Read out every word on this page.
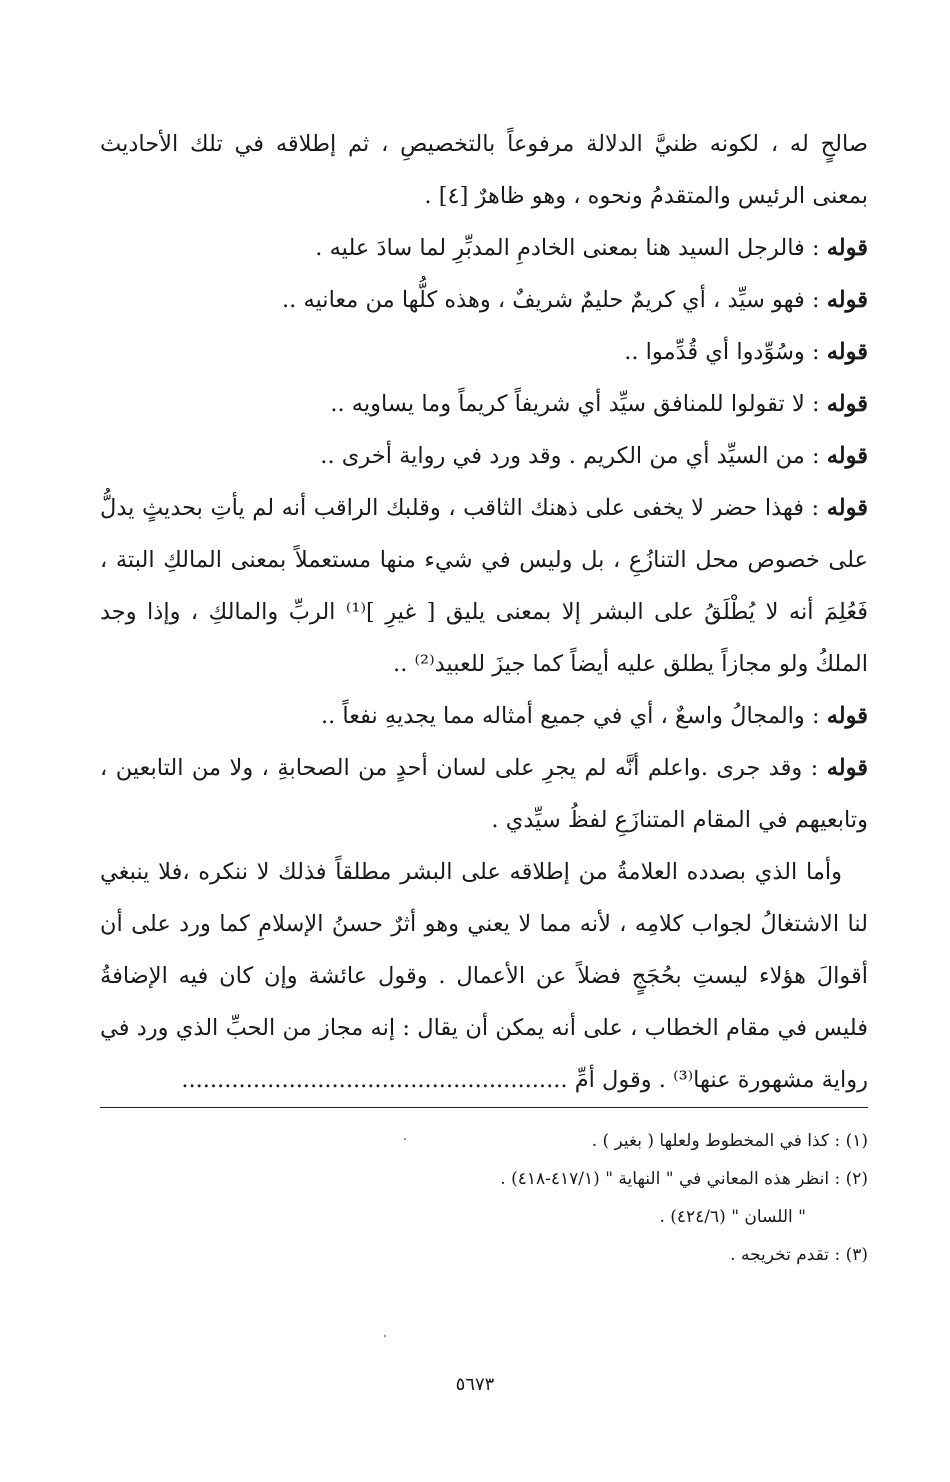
صالحٍ له ، لكونه ظنيَّ الدلالة مرفوعاً بالتخصيصِ ، ثم إطلاقه في تلك الأحاديث بمعنى الرئيس والمتقدمُ ونحوه ، وهو ظاهرٌ [٤] .

قوله : فالرجل السيد هنا بمعنى الخادمِ المدبِّرِ لما سادَ عليه .

قوله : فهو سيِّد ، أي كريمٌ حليمٌ شريفٌ ، وهذه كلُّها من معانيه ..

قوله : وسُوِّدوا أي قُدِّموا ..

قوله : لا تقولوا للمنافق سيِّد أي شريفاً كريماً وما يساويه ..

قوله : من السيِّد أي من الكريم . وقد ورد في رواية أخرى ..

قوله : فهذا حضر لا يخفى على ذهنك الثاقب ، وقلبك الراقب أنه لم يأتِ بحديثٍ يدلُّ على خصوص محل التنازُعِ ، بل وليس في شيء منها مستعملاً بمعنى المالكِ البتة ، فَعُلِمَ أنه لا يُطْلَقُ على البشر إلا بمعنى يليق [ غيرِ ]⁽¹⁾ الربِّ والمالكِ ، وإذا وجد الملكُ ولو مجازاً يطلق عليه أيضاً كما جيزَ للعبيد⁽²⁾ ..

قوله : والمجالُ واسعٌ ، أي في جميع أمثاله مما يجديهِ نفعاً ..

قوله : وقد جرى .واعلم أنَّه لم يجرِ على لسان أحدٍ من الصحابةِ ، ولا من التابعين ، وتابعيهم في المقام المتنازَعِ لفظُ سيِّدي .

وأما الذي بصدده العلامةُ من إطلاقه على البشر مطلقاً فذلك لا ننكره ،فلا ينبغي لنا الاشتغالُ لجواب كلامِه ، لأنه مما لا يعني وهو أثرٌ حسنُ الإسلامِ كما ورد على أن أقوالَ هؤلاء ليستِ بحُجَجٍ فضلاً عن الأعمال . وقول عائشة وإن كان فيه الإضافةُ فليس في مقام الخطاب ، على أنه يمكن أن يقال : إنه مجاز من الحبِّ الذي ورد في رواية مشهورة عنها⁽³⁾ . وقول أمِّ ......................................................

(١) : كذا في المخطوط ولعلها ( بغير ) .

(٢) : انظر هذه المعاني في " النهاية " (٤١٧/١-٤١٨) .

" اللسان " (٤٢٤/٦) .

(٣) : تقدم تخريجه .

٥٦٧٣
